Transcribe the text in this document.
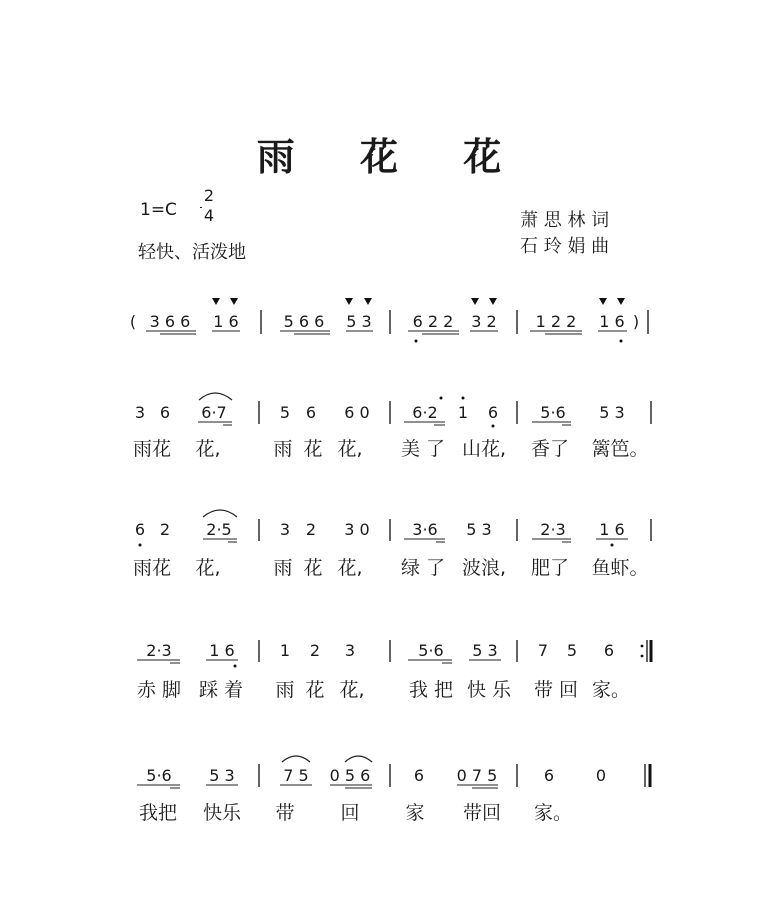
雨 花 花
1=C
2
4
轻快、活泼地
萧 思 林 词
石 玲 娟 曲
( 3 6 6 1 6	5 6 6 5 3	6 2 2 3 2 1 2 2 1 6 )
3 6 6·7	5 6 6 0	6·2 1 6	5·6 5 3
雨花 花,	雨 花 花, 美 了 山花, 香了 篱笆。
6 2 2·5	3 2 3 0	3·6 5 3	2·3 1 6
雨花 花,	雨 花 花, 绿 了 波浪, 肥了 鱼虾。
2·3 1 6	1 2 3	5·6 5 3	7 5 6
赤 脚 踩 着 雨 花 花, 我 把 快 乐 带 回 家。
5·6 5 3	7 5 0 5 6	6 0 7 5	6	0
我把 快乐 带 回 家 带回 家。
